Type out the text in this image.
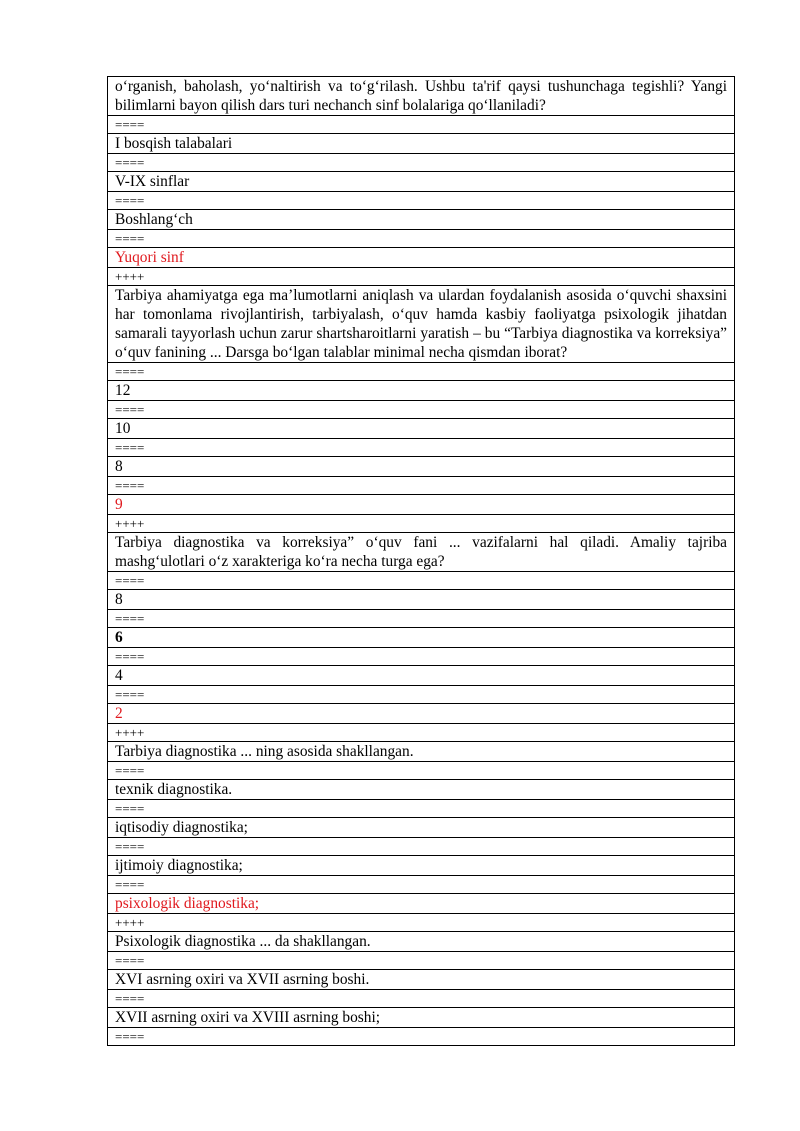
o‘rganish, baholash, yo‘naltirish va to‘g‘rilash. Ushbu ta'rif qaysi tushunchaga tegishli? Yangi bilimlarni bayon qilish dars turi nechanch sinf bolalariga qo‘llaniladi?
====
I bosqish talabalari
====
V-IX sinflar
====
Boshlang‘ch
====
Yuqori sinf
++++
Tarbiya ahamiyatga ega ma’lumotlarni aniqlash va ulardan foydalanish asosida o‘quvchi shaxsini har tomonlama rivojlantirish, tarbiyalash, o‘quv hamda kasbiy faoliyatga psixologik jihatdan samarali tayyorlash uchun zarur shartsharoitlarni yaratish – bu “Tarbiya diagnostika va korreksiya” o‘quv fanining ... Darsga bo‘lgan talablar minimal necha qismdan iborat?
====
12
====
10
====
8
====
9
++++
Tarbiya diagnostika va korreksiya” o‘quv fani ... vazifalarni hal qiladi. Amaliy tajriba mashg‘ulotlari o‘z xarakteriga ko‘ra necha turga ega?
====
8
====
6
====
4
====
2
++++
Tarbiya diagnostika ... ning asosida shakllangan.
====
texnik diagnostika.
====
iqtisodiy diagnostika;
====
ijtimoiy diagnostika;
====
psixologik diagnostika;
++++
Psixologik diagnostika ... da shakllangan.
====
XVI asrning oxiri va XVII asrning boshi.
====
XVII asrning oxiri va XVIII asrning boshi;
====
